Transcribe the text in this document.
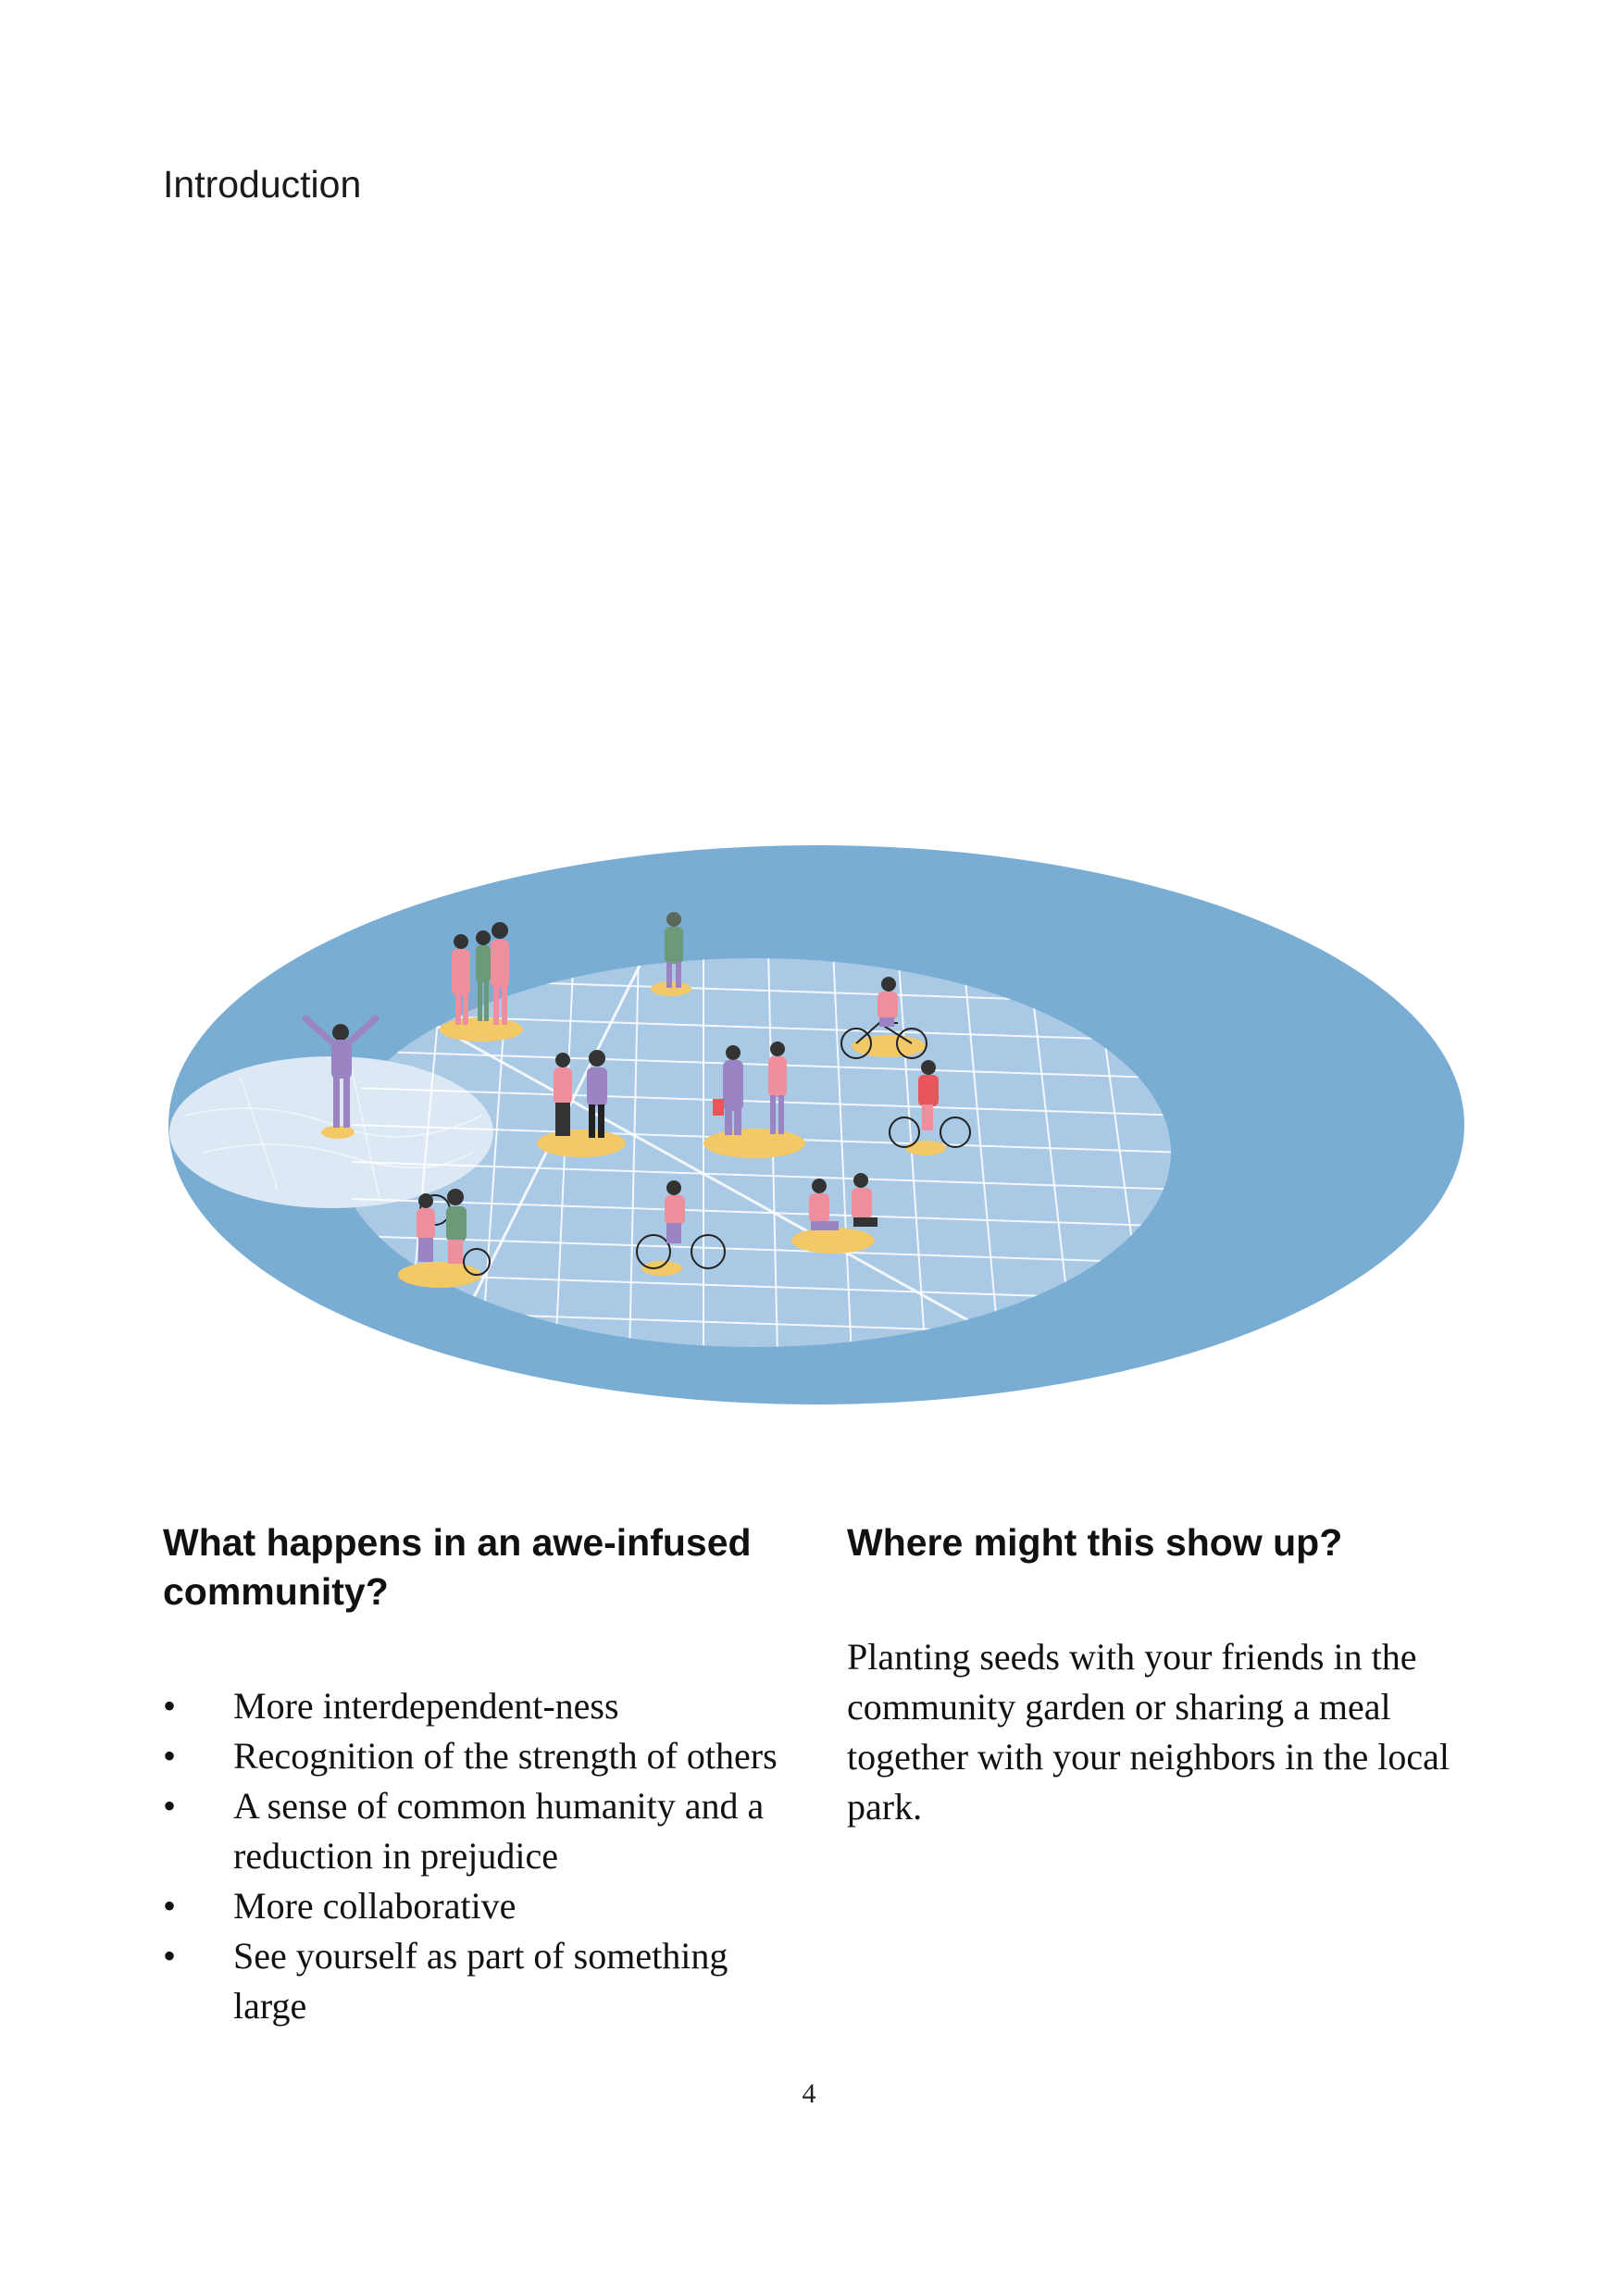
Introduction
What happens in an awe-infused community?
• More interdependent-ness
• Recognition of the strength of others
• A sense of common humanity and a reduction in prejudice
• More collaborative
• See yourself as part of something large
Where might this show up?

Planting seeds with your friends in the community garden or sharing a meal together with your neighbors in the local park.

4
